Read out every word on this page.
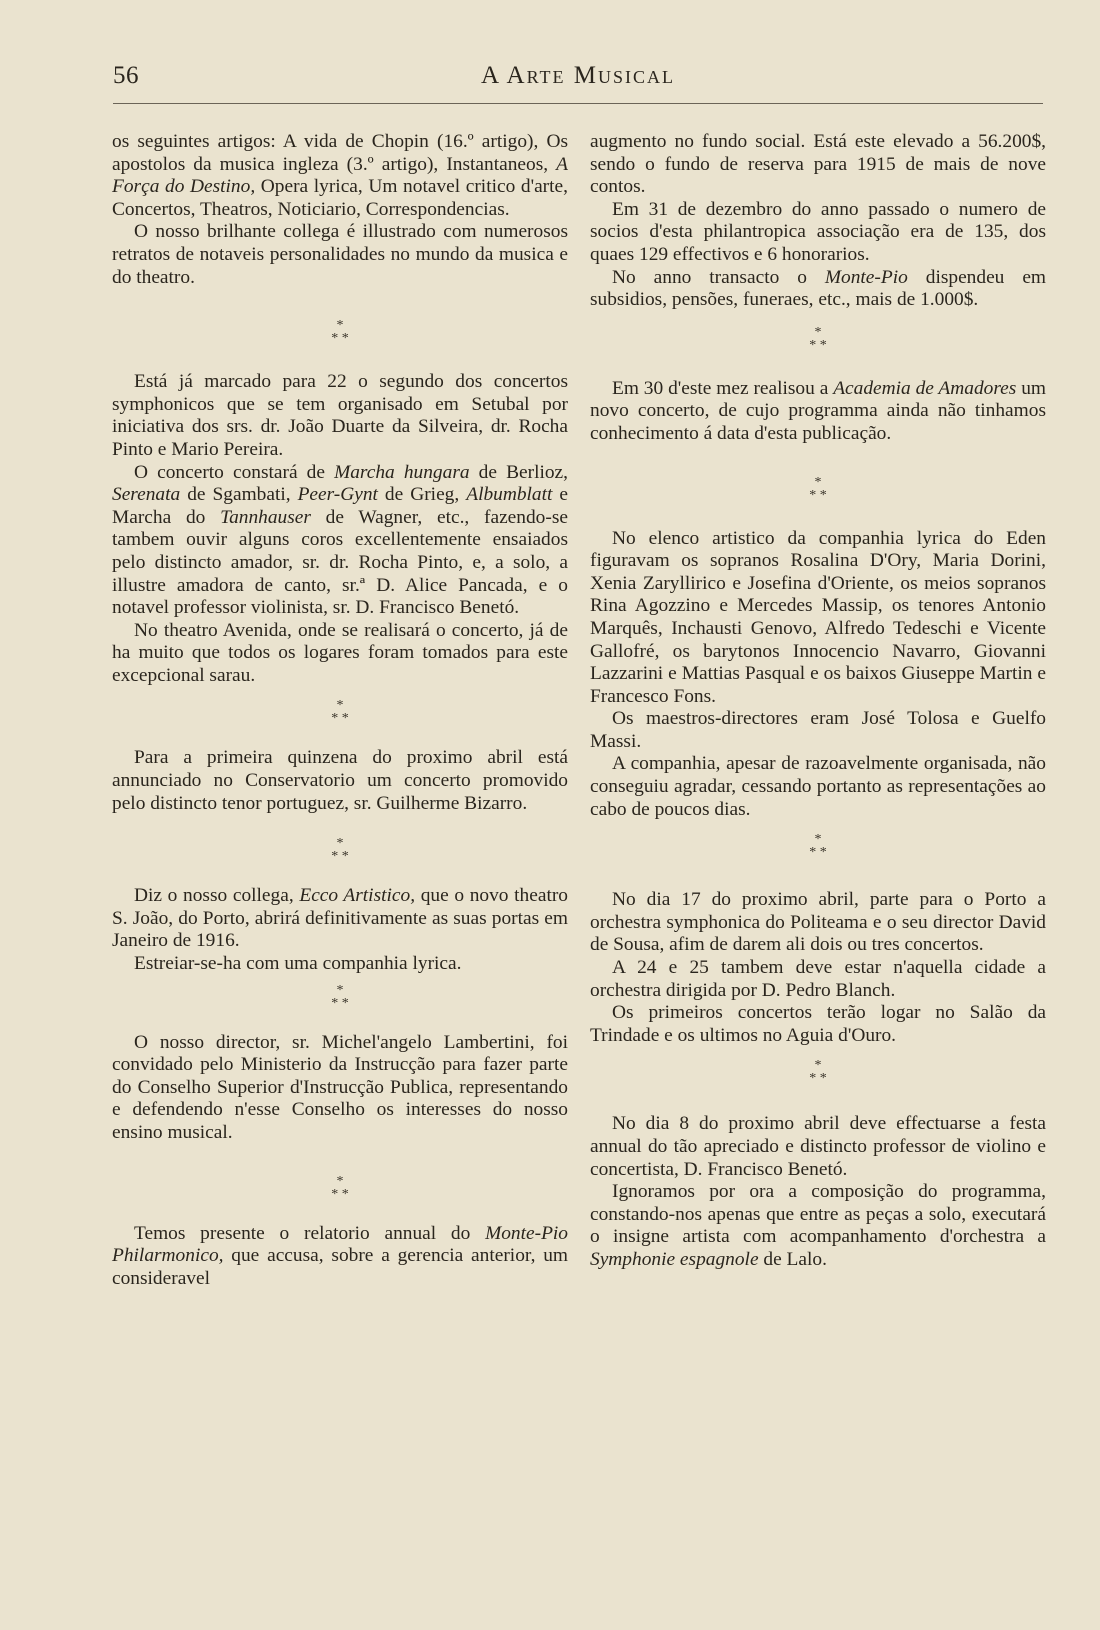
56	A Arte Musical

os seguintes artigos: A vida de Chopin (16.º artigo), Os apostolos da musica ingleza (3.º artigo), Instantaneos, A Força do Destino, Opera lyrica, Um notavel critico d'arte, Concertos, Theatros, Noticiario, Correspondencias.

O nosso brilhante collega é illustrado com numerosos retratos de notaveis personalidades no mundo da musica e do theatro.

*
* *

Está já marcado para 22 o segundo dos concertos symphonicos que se tem organisado em Setubal por iniciativa dos srs. dr. João Duarte da Silveira, dr. Rocha Pinto e Mario Pereira.

O concerto constará de Marcha hungara de Berlioz, Serenata de Sgambati, Peer-Gynt de Grieg, Albumblatt e Marcha do Tannhauser de Wagner, etc., fazendo-se tambem ouvir alguns coros excellentemente ensaiados pelo distincto amador, sr. dr. Rocha Pinto, e, a solo, a illustre amadora de canto, sr.ª D. Alice Pancada, e o notavel professor violinista, sr. D. Francisco Benetó.

No theatro Avenida, onde se realisará o concerto, já de ha muito que todos os logares foram tomados para este excepcional sarau.

*
* *

Para a primeira quinzena do proximo abril está annunciado no Conservatorio um concerto promovido pelo distincto tenor portuguez, sr. Guilherme Bizarro.

*
* *

Diz o nosso collega, Ecco Artistico, que o novo theatro S. João, do Porto, abrirá definitivamente as suas portas em Janeiro de 1916.

Estreiar-se-ha com uma companhia lyrica.

*
* *

O nosso director, sr. Michel'angelo Lambertini, foi convidado pelo Ministerio da Instrucção para fazer parte do Conselho Superior d'Instrucção Publica, representando e defendendo n'esse Conselho os interesses do nosso ensino musical.

*
* *

Temos presente o relatorio annual do Monte-Pio Philarmonico, que accusa, sobre a gerencia anterior, um consideravel

augmento no fundo social. Está este elevado a 56.200$, sendo o fundo de reserva para 1915 de mais de nove contos.

Em 31 de dezembro do anno passado o numero de socios d'esta philantropica associação era de 135, dos quaes 129 effectivos e 6 honorarios.

No anno transacto o Monte-Pio dispendeu em subsidios, pensões, funeraes, etc., mais de 1.000$.

*
* *

Em 30 d'este mez realisou a Academia de Amadores um novo concerto, de cujo programma ainda não tinhamos conhecimento á data d'esta publicação.

*
* *

No elenco artistico da companhia lyrica do Eden figuravam os sopranos Rosalina D'Ory, Maria Dorini, Xenia Zaryllirico e Josefina d'Oriente, os meios sopranos Rina Agozzino e Mercedes Massip, os tenores Antonio Marquês, Inchausti Genovo, Alfredo Tedeschi e Vicente Gallofré, os barytonos Innocencio Navarro, Giovanni Lazzarini e Mattias Pasqual e os baixos Giuseppe Martin e Francesco Fons.

Os maestros-directores eram José Tolosa e Guelfo Massi.

A companhia, apesar de razoavelmente organisada, não conseguiu agradar, cessando portanto as representações ao cabo de poucos dias.

*
* *

No dia 17 do proximo abril, parte para o Porto a orchestra symphonica do Politeama e o seu director David de Sousa, afim de darem ali dois ou tres concertos.

A 24 e 25 tambem deve estar n'aquella cidade a orchestra dirigida por D. Pedro Blanch.

Os primeiros concertos terão logar no Salão da Trindade e os ultimos no Aguia d'Ouro.

*
* *

No dia 8 do proximo abril deve effectuarse a festa annual do tão apreciado e distincto professor de violino e concertista, D. Francisco Benetó.

Ignoramos por ora a composição do programma, constando-nos apenas que entre as peças a solo, executará o insigne artista com acompanhamento d'orchestra a Symphonie espagnole de Lalo.
